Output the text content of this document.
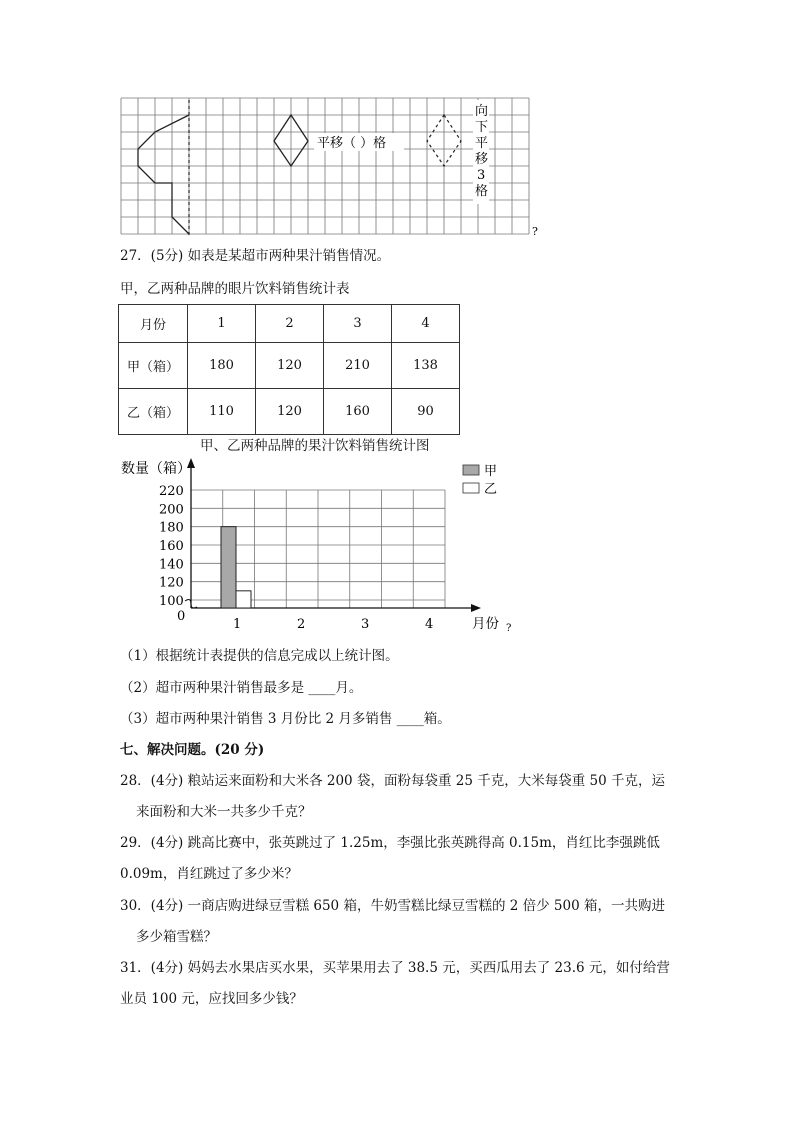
平移（ ）格
向
下
平
移
3
格
?
27．(5分) 如表是某超市两种果汁销售情况。
甲，乙两种品牌的眼片饮料销售统计表
月份	1	2	3	4
甲（箱）	180	120	210	138
乙（箱）	110	120	160	90
甲、乙两种品牌的果汁饮料销售统计图
0
100
120
140
160
180
200
220
1	2	3	4
数量（箱）
月份 ?
甲
乙
（1）根据统计表提供的信息完成以上统计图。
（2）超市两种果汁销售最多是 ____月。
（3）超市两种果汁销售 3 月份比 2 月多销售 ____箱。
七、解决问题。(20 分)
28．(4分) 粮站运来面粉和大米各 200 袋，面粉每袋重 25 千克，大米每袋重 50 千克，运
来面粉和大米一共多少千克？
29．(4分) 跳高比赛中，张英跳过了 1.25m，李强比张英跳得高 0.15m，肖红比李强跳低
0.09m，肖红跳过了多少米？
30．(4分) 一商店购进绿豆雪糕 650 箱，牛奶雪糕比绿豆雪糕的 2 倍少 500 箱，一共购进
多少箱雪糕？
31．(4分) 妈妈去水果店买水果，买苹果用去了 38.5 元，买西瓜用去了 23.6 元，如付给营
业员 100 元，应找回多少钱？
